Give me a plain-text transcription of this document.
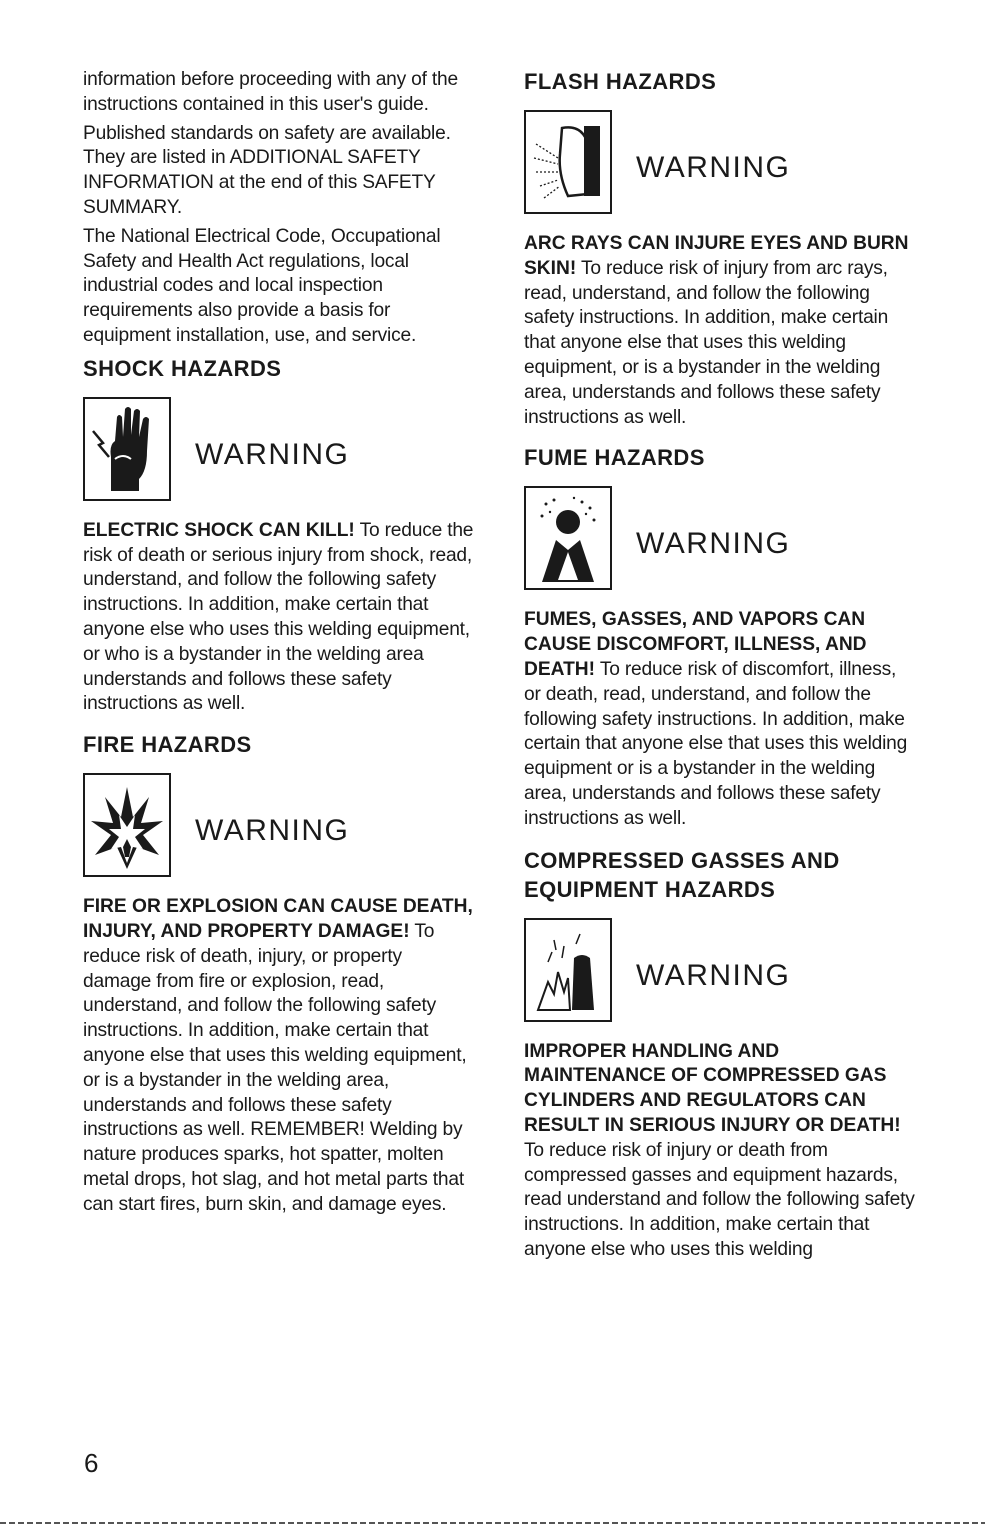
information before proceeding with any of the instructions contained in this user's guide.

Published standards on safety are available. They are listed in ADDITIONAL SAFETY INFORMATION at the end of this SAFETY SUMMARY.

The National Electrical Code, Occupational Safety and Health Act regulations, local industrial codes and local inspection requirements also provide a basis for equipment installation, use, and service.

SHOCK HAZARDS
WARNING

ELECTRIC SHOCK CAN KILL! To reduce the risk of death or serious injury from shock, read, understand, and follow the following safety instructions. In addition, make certain that anyone else who uses this welding equipment, or who is a bystander in the welding area understands and follows these safety instructions as well.

FIRE HAZARDS
WARNING

FIRE OR EXPLOSION CAN CAUSE DEATH, INJURY, AND PROPERTY DAMAGE! To reduce risk of death, injury, or property damage from fire or explosion, read, understand, and follow the following safety instructions. In addition, make certain that anyone else that uses this welding equipment, or is a bystander in the welding area, understands and follows these safety instructions as well. REMEMBER! Welding by nature produces sparks, hot spatter, molten metal drops, hot slag, and hot metal parts that can start fires, burn skin, and damage eyes.

6
FLASH HAZARDS
WARNING

ARC RAYS CAN INJURE EYES AND BURN SKIN! To reduce risk of injury from arc rays, read, understand, and follow the following safety instructions. In addition, make certain that anyone else that uses this welding equipment, or is a bystander in the welding area, understands and follows these safety instructions as well.

FUME HAZARDS
WARNING

FUMES, GASSES, AND VAPORS CAN CAUSE DISCOMFORT, ILLNESS, AND DEATH! To reduce risk of discomfort, illness, or death, read, understand, and follow the following safety instructions. In addition, make certain that anyone else that uses this welding equipment or is a bystander in the welding area, understands and follows these safety instructions as well.

COMPRESSED GASSES AND EQUIPMENT HAZARDS
WARNING

IMPROPER HANDLING AND MAINTENANCE OF COMPRESSED GAS CYLINDERS AND REGULATORS CAN RESULT IN SERIOUS INJURY OR DEATH! To reduce risk of injury or death from compressed gasses and equipment hazards, read understand and follow the following safety instructions. In addition, make certain that anyone else who uses this welding
